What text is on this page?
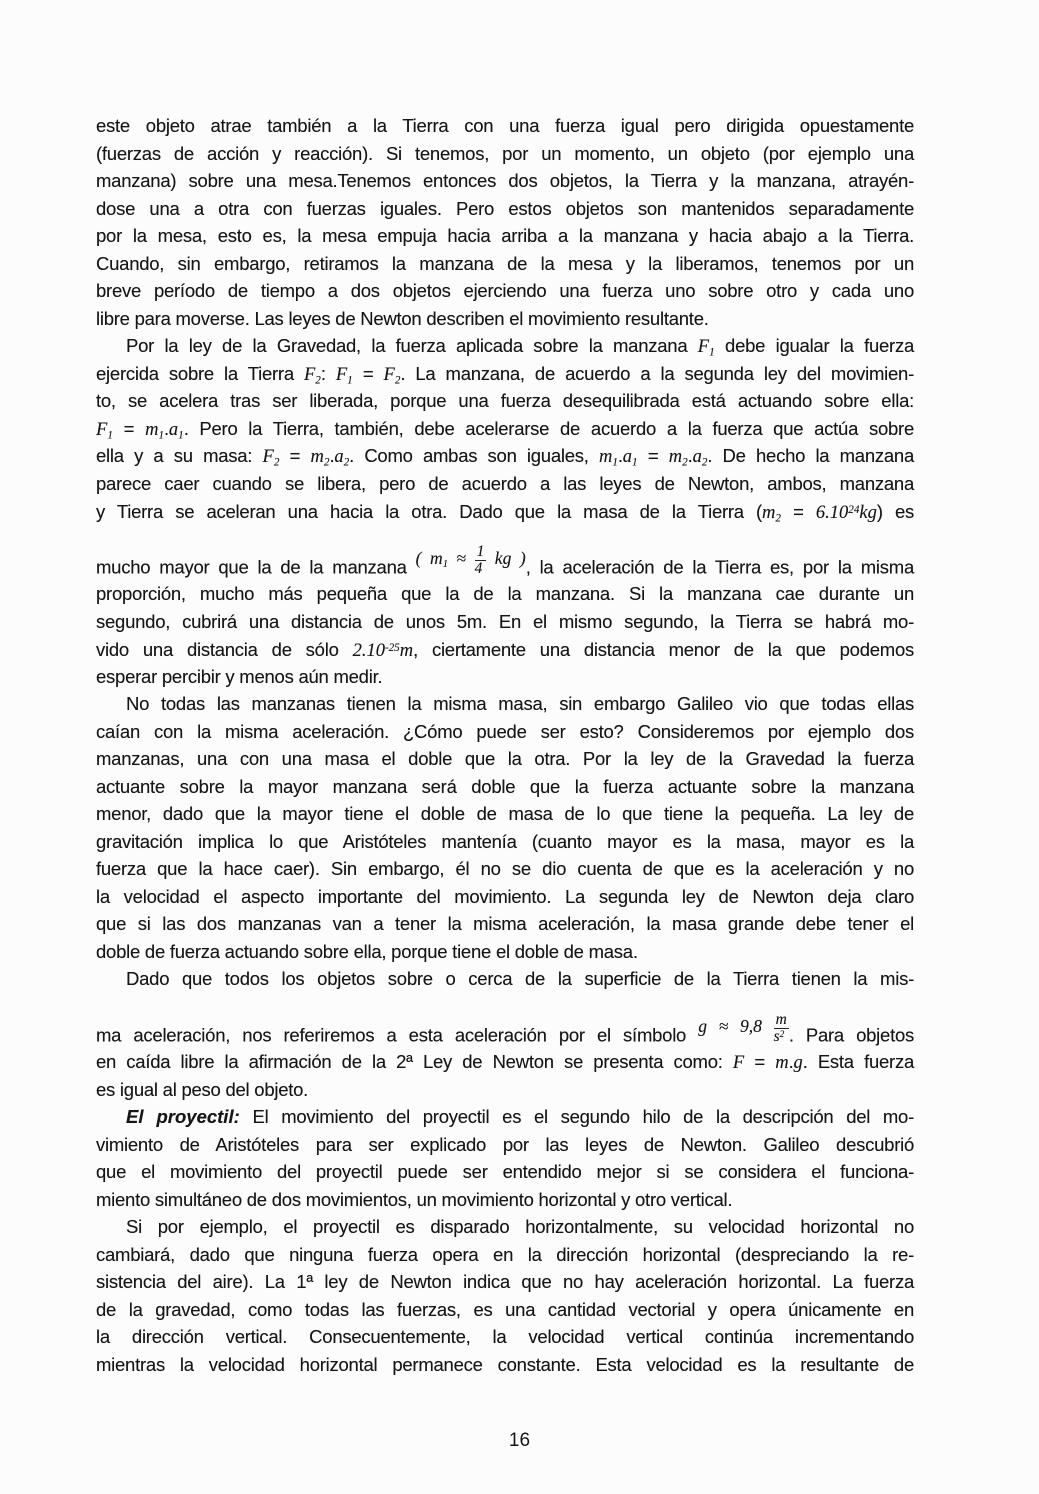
este objeto atrae también a la Tierra con una fuerza igual pero dirigida opuestamente
(fuerzas de acción y reacción). Si tenemos, por un momento, un objeto (por ejemplo una
manzana) sobre una mesa.Tenemos entonces dos objetos, la Tierra y la manzana, atrayén-
dose una a otra con fuerzas iguales. Pero estos objetos son mantenidos separadamente
por la mesa, esto es, la mesa empuja hacia arriba a la manzana y hacia abajo a la Tierra.
Cuando, sin embargo, retiramos la manzana de la mesa y la liberamos, tenemos por un
breve período de tiempo a dos objetos ejerciendo una fuerza uno sobre otro y cada uno
libre para moverse. Las leyes de Newton describen el movimiento resultante.
Por la ley de la Gravedad, la fuerza aplicada sobre la manzana $F_1$ debe igualar la fuerza
ejercida sobre la Tierra $F_2$: $F_1 = F_2$. La manzana, de acuerdo a la segunda ley del movimien-
to, se acelera tras ser liberada, porque una fuerza desequilibrada está actuando sobre ella:
$F_1 = m_1.a_1$. Pero la Tierra, también, debe acelerarse de acuerdo a la fuerza que actúa sobre
ella y a su masa: $F_2 = m_2.a_2$. Como ambas son iguales, $m_1.a_1 = m_2.a_2$. De hecho la manzana
parece caer cuando se libera, pero de acuerdo a las leyes de Newton, ambos, manzana
y Tierra se aceleran una hacia la otra. Dado que la masa de la Tierra $(m_2 = 6.10^{24}kg)$ es
mucho mayor que la de la manzana ( $m_1 \approx \frac{1}{4}$ kg ), la aceleración de la Tierra es, por la misma
proporción, mucho más pequeña que la de la manzana. Si la manzana cae durante un
segundo, cubrirá una distancia de unos 5m. En el mismo segundo, la Tierra se habrá mo-
vido una distancia de sólo $2.10^{-25}m$, ciertamente una distancia menor de la que podemos
esperar percibir y menos aún medir.
No todas las manzanas tienen la misma masa, sin embargo Galileo vio que todas ellas
caían con la misma aceleración. ¿Cómo puede ser esto? Consideremos por ejemplo dos
manzanas, una con una masa el doble que la otra. Por la ley de la Gravedad la fuerza
actuante sobre la mayor manzana será doble que la fuerza actuante sobre la manzana
menor, dado que la mayor tiene el doble de masa de lo que tiene la pequeña. La ley de
gravitación implica lo que Aristóteles mantenía (cuanto mayor es la masa, mayor es la
fuerza que la hace caer). Sin embargo, él no se dio cuenta de que es la aceleración y no
la velocidad el aspecto importante del movimiento. La segunda ley de Newton deja claro
que si las dos manzanas van a tener la misma aceleración, la masa grande debe tener el
doble de fuerza actuando sobre ella, porque tiene el doble de masa.
Dado que todos los objetos sobre o cerca de la superficie de la Tierra tienen la mis-
ma aceleración, nos referiremos a esta aceleración por el símbolo $g \approx 9,8 \frac{m}{s^2}$ . Para objetos
en caída libre la afirmación de la 2ª Ley de Newton se presenta como: F = m.g. Esta fuerza
es igual al peso del objeto.
El proyectil: El movimiento del proyectil es el segundo hilo de la descripción del mo-
vimiento de Aristóteles para ser explicado por las leyes de Newton. Galileo descubrió
que el movimiento del proyectil puede ser entendido mejor si se considera el funciona-
miento simultáneo de dos movimientos, un movimiento horizontal y otro vertical.
Si por ejemplo, el proyectil es disparado horizontalmente, su velocidad horizontal no
cambiará, dado que ninguna fuerza opera en la dirección horizontal (despreciando la re-
sistencia del aire). La 1ª ley de Newton indica que no hay aceleración horizontal. La fuerza
de la gravedad, como todas las fuerzas, es una cantidad vectorial y opera únicamente en
la dirección vertical. Consecuentemente, la velocidad vertical continúa incrementando
mientras la velocidad horizontal permanece constante. Esta velocidad es la resultante de
16
